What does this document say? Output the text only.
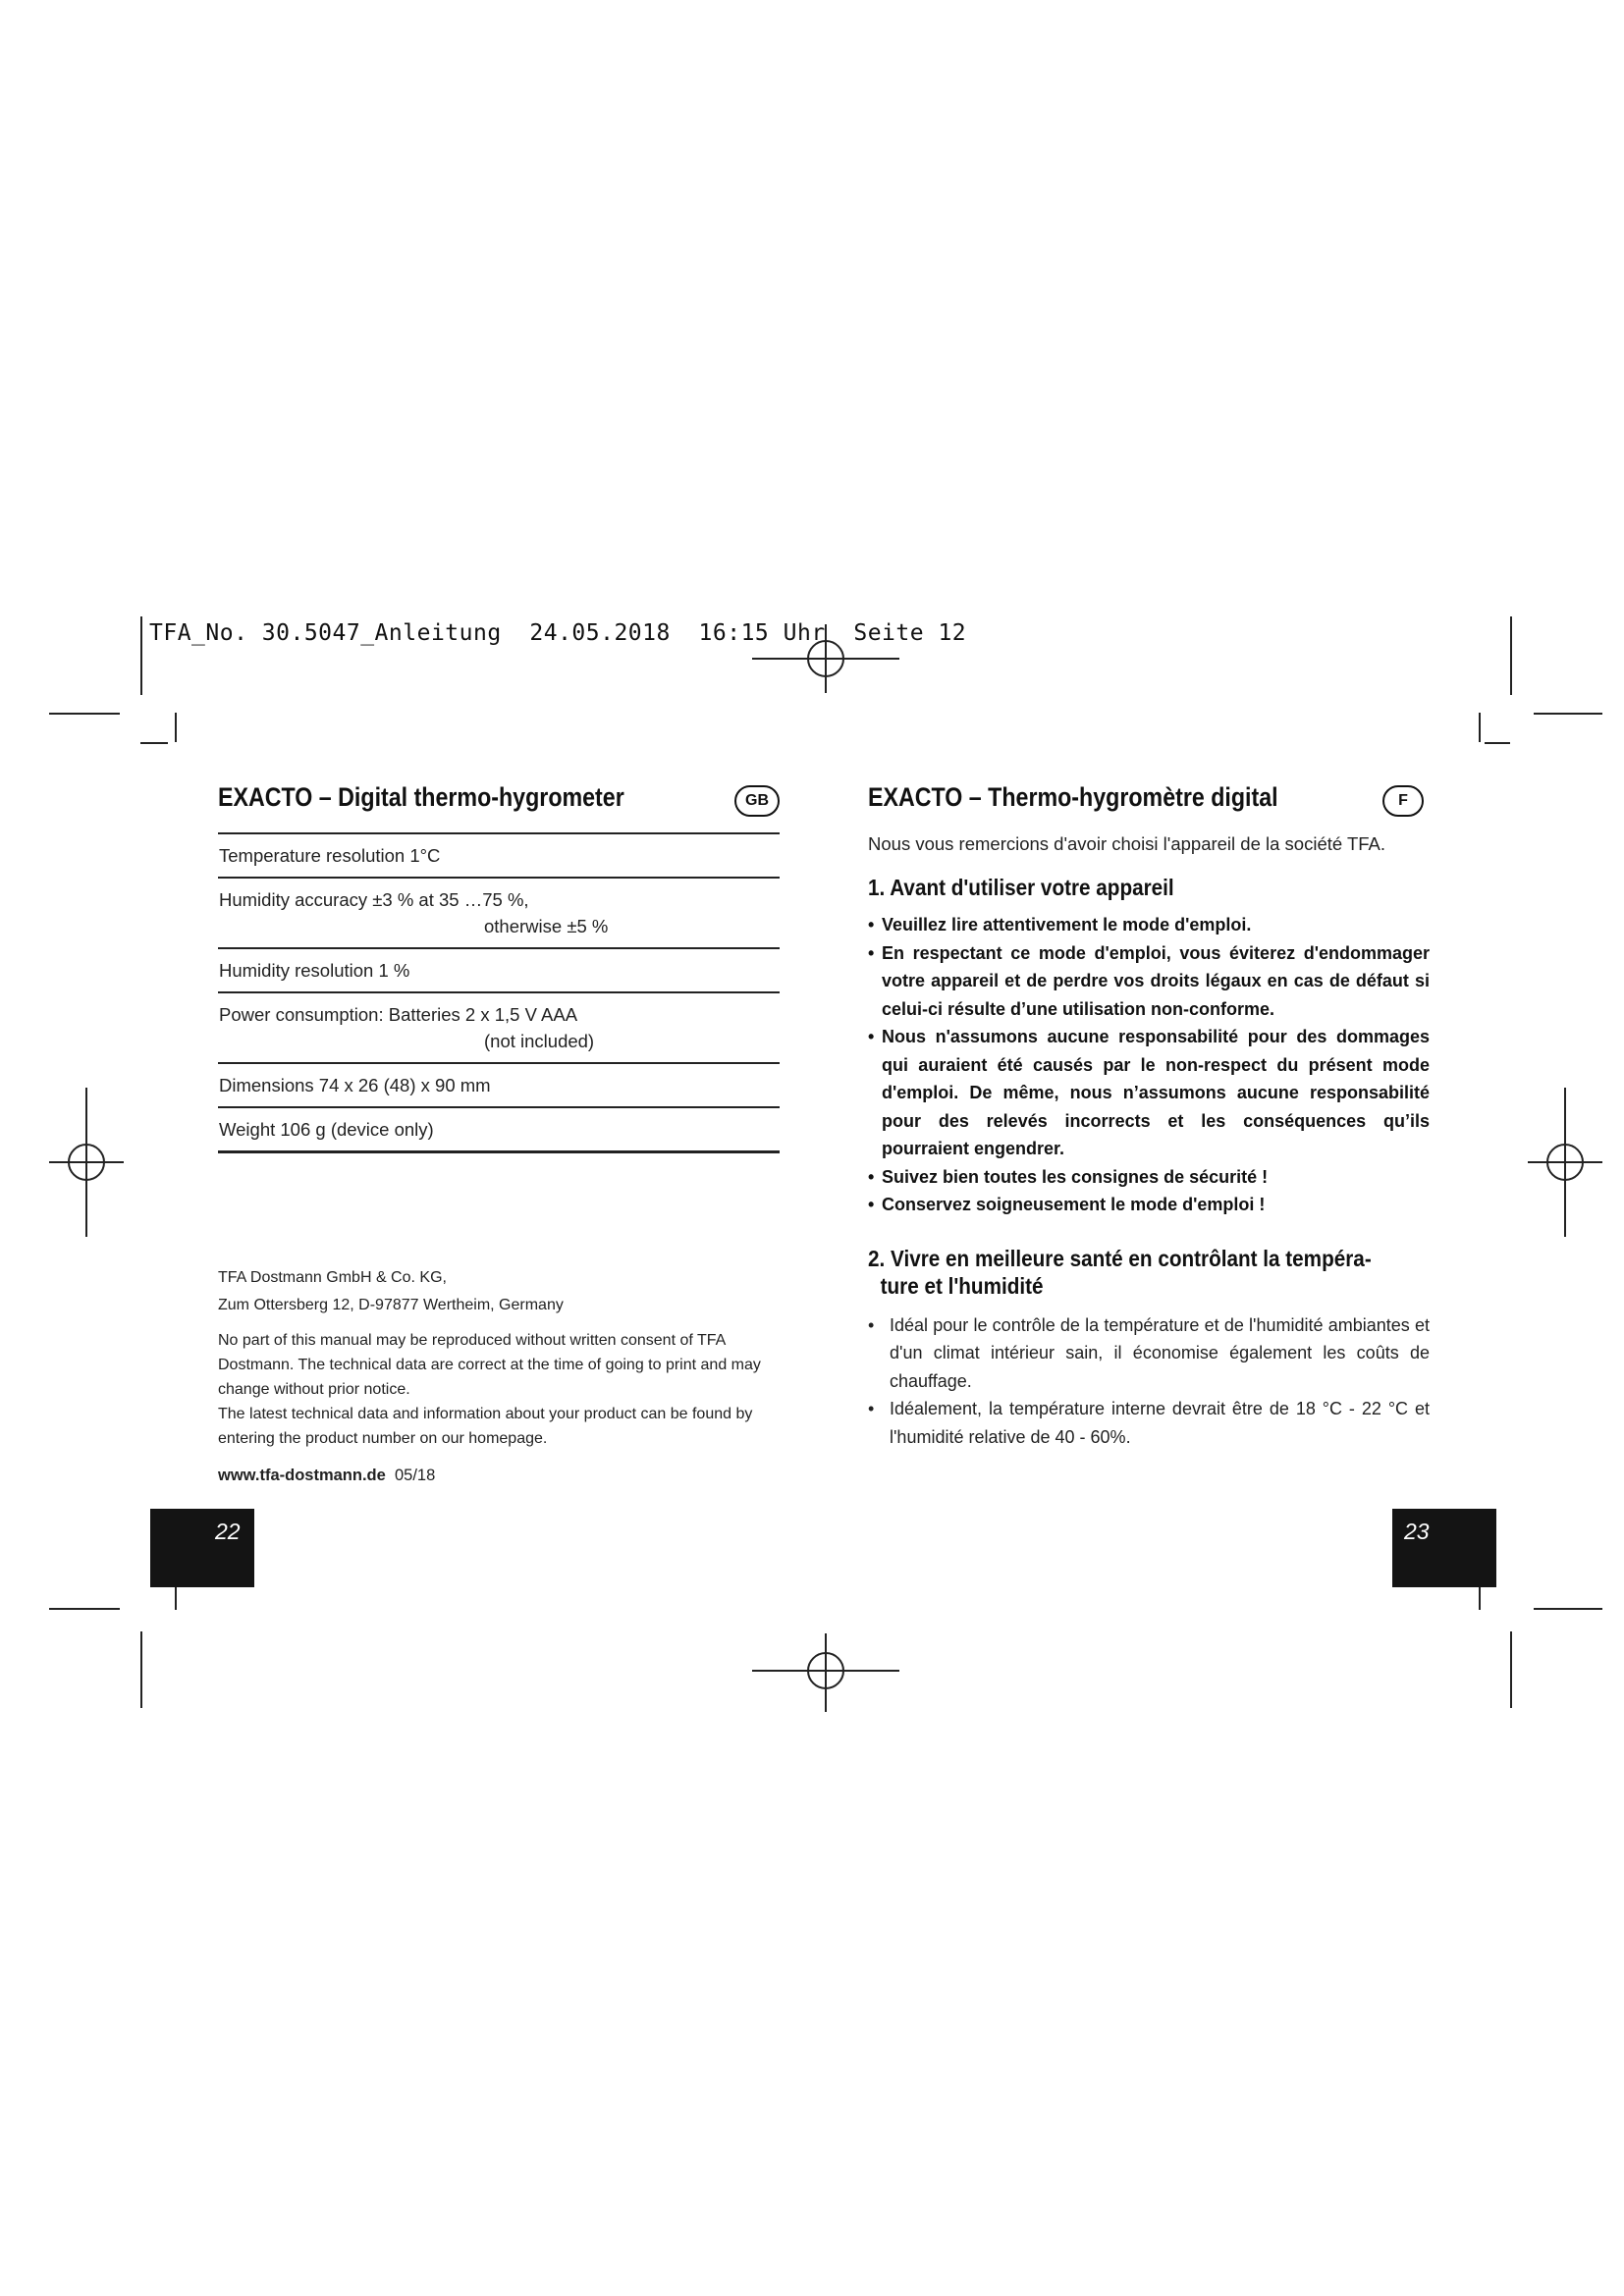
TFA_No. 30.5047_Anleitung  24.05.2018  16:15 Uhr  Seite 12
EXACTO – Digital thermo-hygrometer	GB
Temperature resolution 1°C
Humidity accuracy ±3 % at 35 …75 %,
otherwise ±5 %
Humidity resolution 1 %
Power consumption: Batteries 2 x 1,5 V AAA
(not included)
Dimensions 74 x 26 (48) x 90 mm
Weight 106 g (device only)
TFA Dostmann GmbH & Co. KG,
Zum Ottersberg 12, D-97877 Wertheim, Germany

No part of this manual may be reproduced without written consent of TFA Dostmann. The technical data are correct at the time of going to print and may change without prior notice.

The latest technical data and information about your product can be found by entering the product number on our homepage.

www.tfa-dostmann.de 05/18
22
EXACTO – Thermo-hygromètre digital	F

Nous vous remercions d'avoir choisi l'appareil de la société TFA.

1. Avant d'utiliser votre appareil
• Veuillez lire attentivement le mode d'emploi.
• En respectant ce mode d'emploi, vous éviterez d'endommager votre appareil et de perdre vos droits légaux en cas de défaut si celui-ci résulte d’une utilisation non-conforme.
• Nous n'assumons aucune responsabilité pour des dommages qui auraient été causés par le non-respect du présent mode d'emploi. De même, nous n’assumons aucune responsabilité pour des relevés incorrects et les conséquences qu’ils pourraient engendrer.
• Suivez bien toutes les consignes de sécurité !
• Conservez soigneusement le mode d'emploi !
2. Vivre en meilleure santé en contrôlant la tempéra-
ture et l'humidité
• Idéal pour le contrôle de la température et de l'humidité ambiantes et d'un climat intérieur sain, il économise également les coûts de chauffage.
• Idéalement, la température interne devrait être de 18 °C - 22 °C et l'humidité relative de 40 - 60%.
23
